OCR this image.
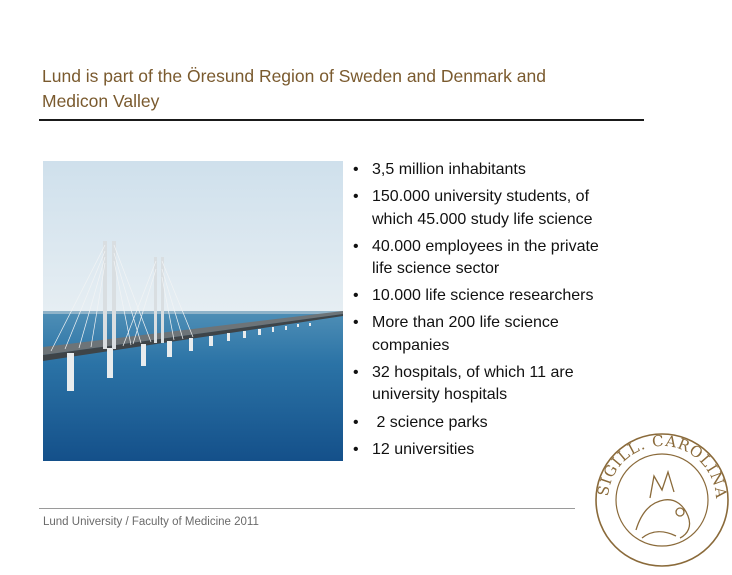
Lund is part of the Öresund Region of Sweden and Denmark and
Medicon Valley
• 3,5 million inhabitants
• 150.000 university students, of
which 45.000 study life science
• 40.000 employees in the private
life science sector
• 10.000 life science researchers
• More than 200 life science
companies
• 32 hospitals, of which 11 are
university hospitals
• 2 science parks
• 12 universities
Lund University / Faculty of Medicine 2011
SIGILL. CAROLINA
